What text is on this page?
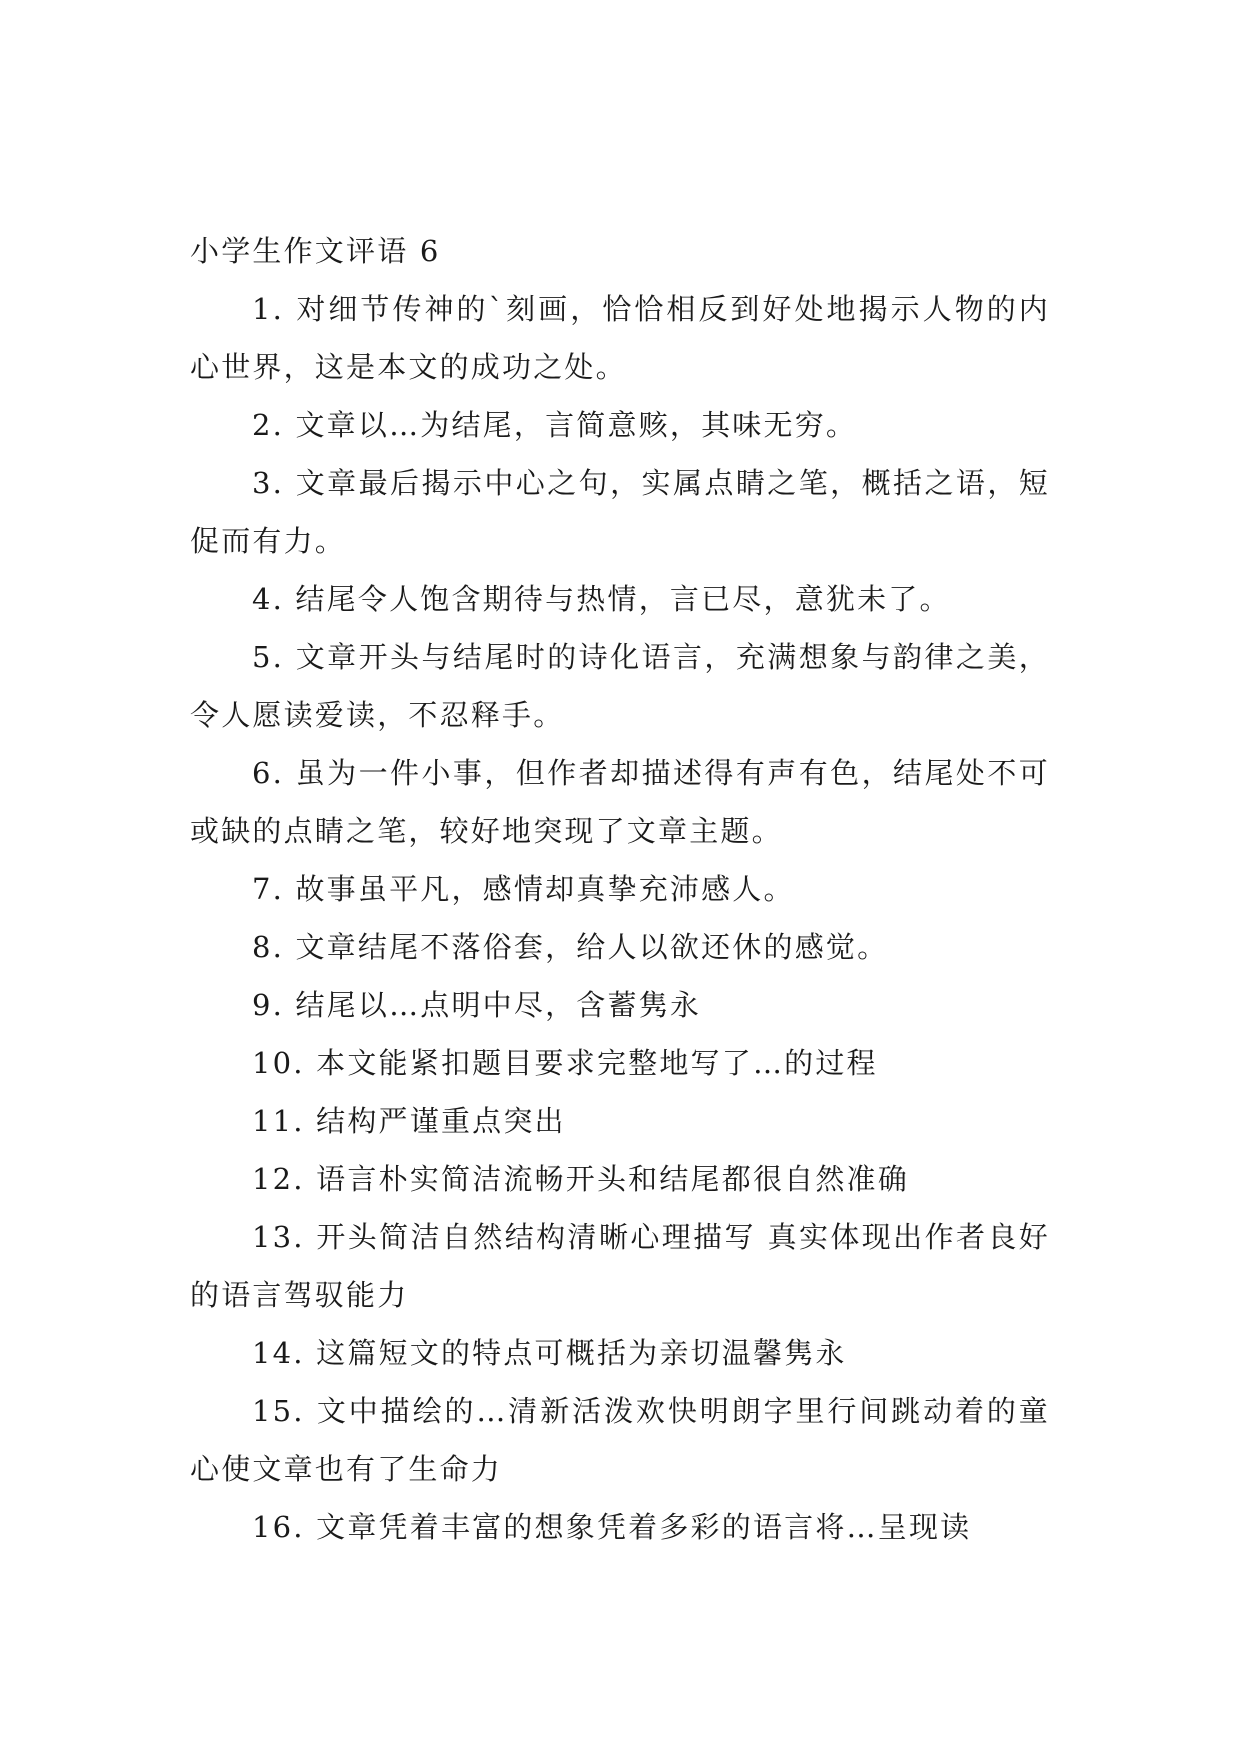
小学生作文评语 6

1. 对细节传神的`刻画，恰恰相反到好处地揭示人物的内心世界，这是本文的成功之处。

2. 文章以…为结尾，言简意赅，其味无穷。

3. 文章最后揭示中心之句，实属点睛之笔，概括之语，短促而有力。

4. 结尾令人饱含期待与热情，言已尽，意犹未了。

5. 文章开头与结尾时的诗化语言，充满想象与韵律之美，令人愿读爱读，不忍释手。

6. 虽为一件小事，但作者却描述得有声有色，结尾处不可或缺的点睛之笔，较好地突现了文章主题。

7. 故事虽平凡，感情却真挚充沛感人。

8. 文章结尾不落俗套，给人以欲还休的感觉。

9. 结尾以…点明中尽，含蓄隽永

10. 本文能紧扣题目要求完整地写了…的过程

11. 结构严谨重点突出

12. 语言朴实简洁流畅开头和结尾都很自然准确

13. 开头简洁自然结构清晰心理描写 真实体现出作者良好的语言驾驭能力

14. 这篇短文的特点可概括为亲切温馨隽永

15. 文中描绘的…清新活泼欢快明朗字里行间跳动着的童心使文章也有了生命力

16. 文章凭着丰富的想象凭着多彩的语言将…呈现读
